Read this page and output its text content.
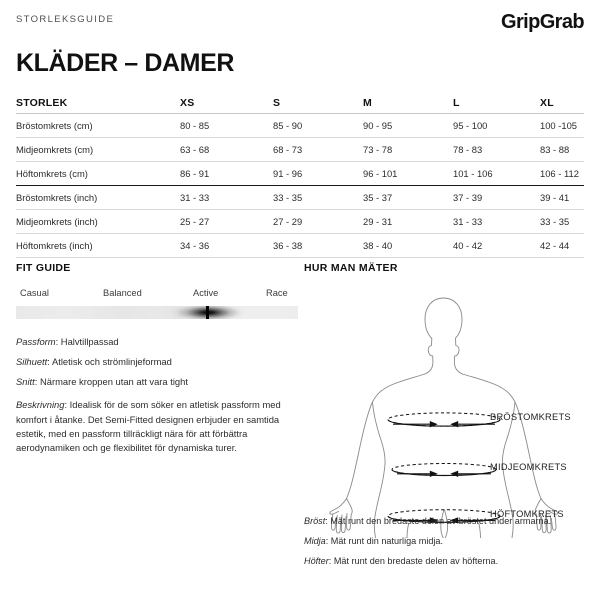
STORLEKSGUIDE	GripGrab
KLÄDER – DAMER
STORLEK	XS	S	M	L	XL
Bröstomkrets (cm)	80 - 85	85 - 90	90 - 95	95 - 100	100 -105
Midjeomkrets (cm)	63 - 68	68 - 73	73 - 78	78 - 83	83 - 88
Höftomkrets (cm)	86 - 91	91 - 96	96 - 101	101 - 106	106 - 112
Bröstomkrets (inch)	31 - 33	33 - 35	35 - 37	37 - 39	39 - 41
Midjeomkrets (inch)	25 - 27	27 - 29	29 - 31	31 - 33	33 - 35
Höftomkrets (inch)	34 - 36	36 - 38	38 - 40	40 - 42	42 - 44
FIT GUIDE
Casual	Balanced	Active	Race
Passform: Halvtillpassad
Silhuett: Atletisk och strömlinjeformad
Snitt: Närmare kroppen utan att vara tight
Beskrivning: Idealisk för de som söker en atletisk passform med komfort i åtanke. Det Semi-Fitted designen erbjuder en samtida estetik, med en passform tillräckligt nära för att förbättra aerodynamiken och ge flexibilitet för dynamiska turer.
HUR MAN MÄTER
BRÖSTOMKRETS
MIDJEOMKRETS
HÖFTOMKRETS
Bröst: Mät runt den bredaste delen av bröstet under armarna.
Midja: Mät runt din naturliga midja.
Höfter: Mät runt den bredaste delen av höfterna.
